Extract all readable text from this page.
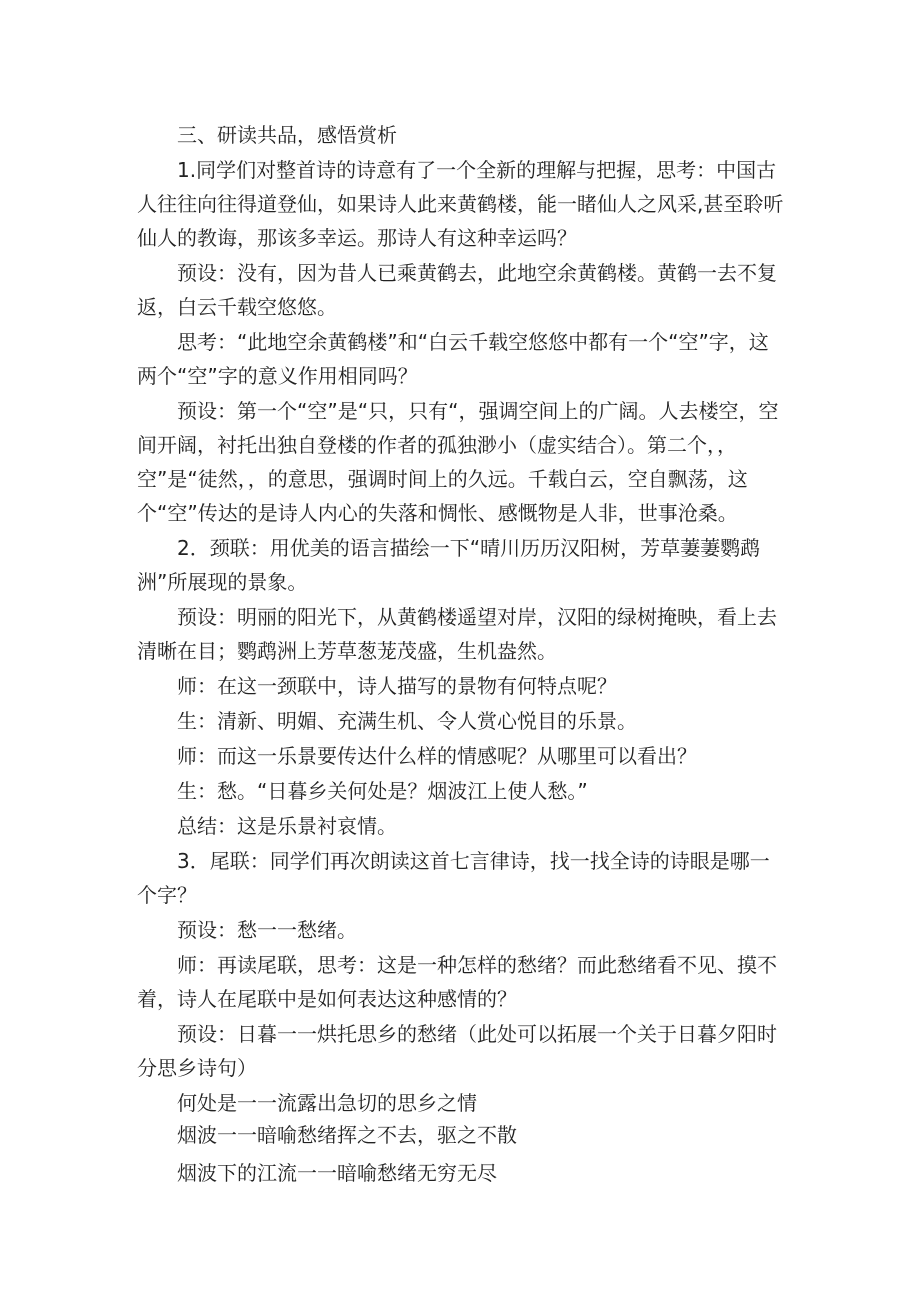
三、研读共品，感悟赏析

1.同学们对整首诗的诗意有了一个全新的理解与把握，思考：中国古人往往向往得道登仙，如果诗人此来黄鹤楼，能一睹仙人之风采,甚至聆听仙人的教诲，那该多幸运。那诗人有这种幸运吗？

预设：没有，因为昔人已乘黄鹤去，此地空余黄鹤楼。黄鹤一去不复返，白云千载空悠悠。

思考：“此地空余黄鹤楼”和“白云千载空悠悠中都有一个“空”字，这两个“空”字的意义作用相同吗？

预设：第一个“空”是“只，只有“，强调空间上的广阔。人去楼空，空间开阔，衬托出独自登楼的作者的孤独渺小（虚实结合）。第二个，，空”是“徒然，，的意思，强调时间上的久远。千载白云，空自飘荡，这个“空”传达的是诗人内心的失落和惆怅、感慨物是人非，世事沧桑。

2．颈联：用优美的语言描绘一下“晴川历历汉阳树，芳草萋萋鹦鹉洲”所展现的景象。

预设：明丽的阳光下，从黄鹤楼遥望对岸，汉阳的绿树掩映，看上去清晰在目；鹦鹉洲上芳草葱茏茂盛，生机盎然。

师：在这一颈联中，诗人描写的景物有何特点呢？

生：清新、明媚、充满生机、令人赏心悦目的乐景。

师：而这一乐景要传达什么样的情感呢？从哪里可以看出？

生：愁。“日暮乡关何处是？烟波江上使人愁。”

总结：这是乐景衬哀情。

3．尾联：同学们再次朗读这首七言律诗，找一找全诗的诗眼是哪一个字？

预设：愁一一愁绪。

师：再读尾联，思考：这是一种怎样的愁绪？而此愁绪看不见、摸不着，诗人在尾联中是如何表达这种感情的？

预设：日暮一一烘托思乡的愁绪（此处可以拓展一个关于日暮夕阳时分思乡诗句）

何处是一一流露出急切的思乡之情

烟波一一暗喻愁绪挥之不去，驱之不散

烟波下的江流一一暗喻愁绪无穷无尽
